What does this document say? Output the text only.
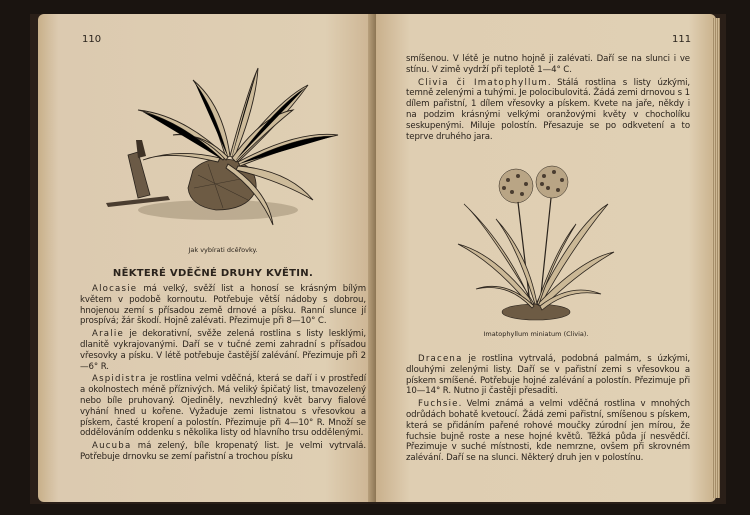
110
Jak vybírati dcěřovky.
NĚKTERÉ VDĚČNÉ DRUHY KVĚTIN.

Alocasie má velký, svěží list a honosí se krásným bílým květem v podobě kornoutu. Potřebuje větší nádoby s dobrou, hnojenou zemí s přísadou země drnové a písku. Ranní slunce jí prospívá; žár škodí. Hojně zalévati. Přezimuje při 8—10° C.

Aralie je dekorativní, svěže zelená rostlina s listy lesklými, dlanitě vykrajovanými. Daří se v tučné zemi zahradní s přísadou vřesovky a písku. V létě potřebuje častější zalévání. Přezimuje při 2—6° R.

Aspidistra je rostlina velmi vděčná, která se daří i v prostředí a okolnostech méně příznivých. Má veliký špičatý list, tmavozelený nebo bíle pruhovaný. Ojediněly, nevzhledný květ barvy fialové vyhání hned u kořene. Vyžaduje zemi listnatou s vřesovkou a pískem, časté kropení a polostín. Přezimuje při 4—10° R. Množí se oddělováním oddenku s několika listy od hlavního trsu oddělenými.

Aucuba má zelený, bíle kropenatý list. Je velmi vytrvalá. Potřebuje drnovku se zemí pařistní a trochou písku

111

smíšenou. V létě je nutno hojně ji zalévati. Daří se na slunci i ve stínu. V zimě vydrží při teplotě 1—4° C.

Clivia či Imatophyllum. Stálá rostlina s listy úzkými, temně zelenými a tuhými. Je polocibulovitá. Žádá zemi drnovou s 1 dílem pařistní, 1 dílem vřesovky a pískem. Kvete na jaře, někdy i na podzim krásnými velkými oranžovými květy v chocholíku seskupenými. Miluje polostín. Přesazuje se po odkvetení a to teprve druhého jara.

Imatophyllum miniatum (Clivia).

Dracena je rostlina vytrvalá, podobná palmám, s úzkými, dlouhými zelenými listy. Daří se v pařistní zemi s vřesovkou a pískem smíšené. Potřebuje hojné zalévání a polostín. Přezimuje při 10—14° R. Nutno ji častěji přesaditi.

Fuchsie. Velmi známá a velmi vděčná rostlina v mnohých odrůdách bohatě kvetoucí. Žádá zemi pařistní, smíšenou s pískem, která se přidáním pařené rohové moučky zúrodní jen mírou, že fuchsie bujně roste a nese hojné květů. Těžká půda jí nesvědčí. Přezimuje v suché místnosti, kde nemrzne, ovšem při skrovném zalévání. Daří se na slunci. Některý druh jen v polostínu.
